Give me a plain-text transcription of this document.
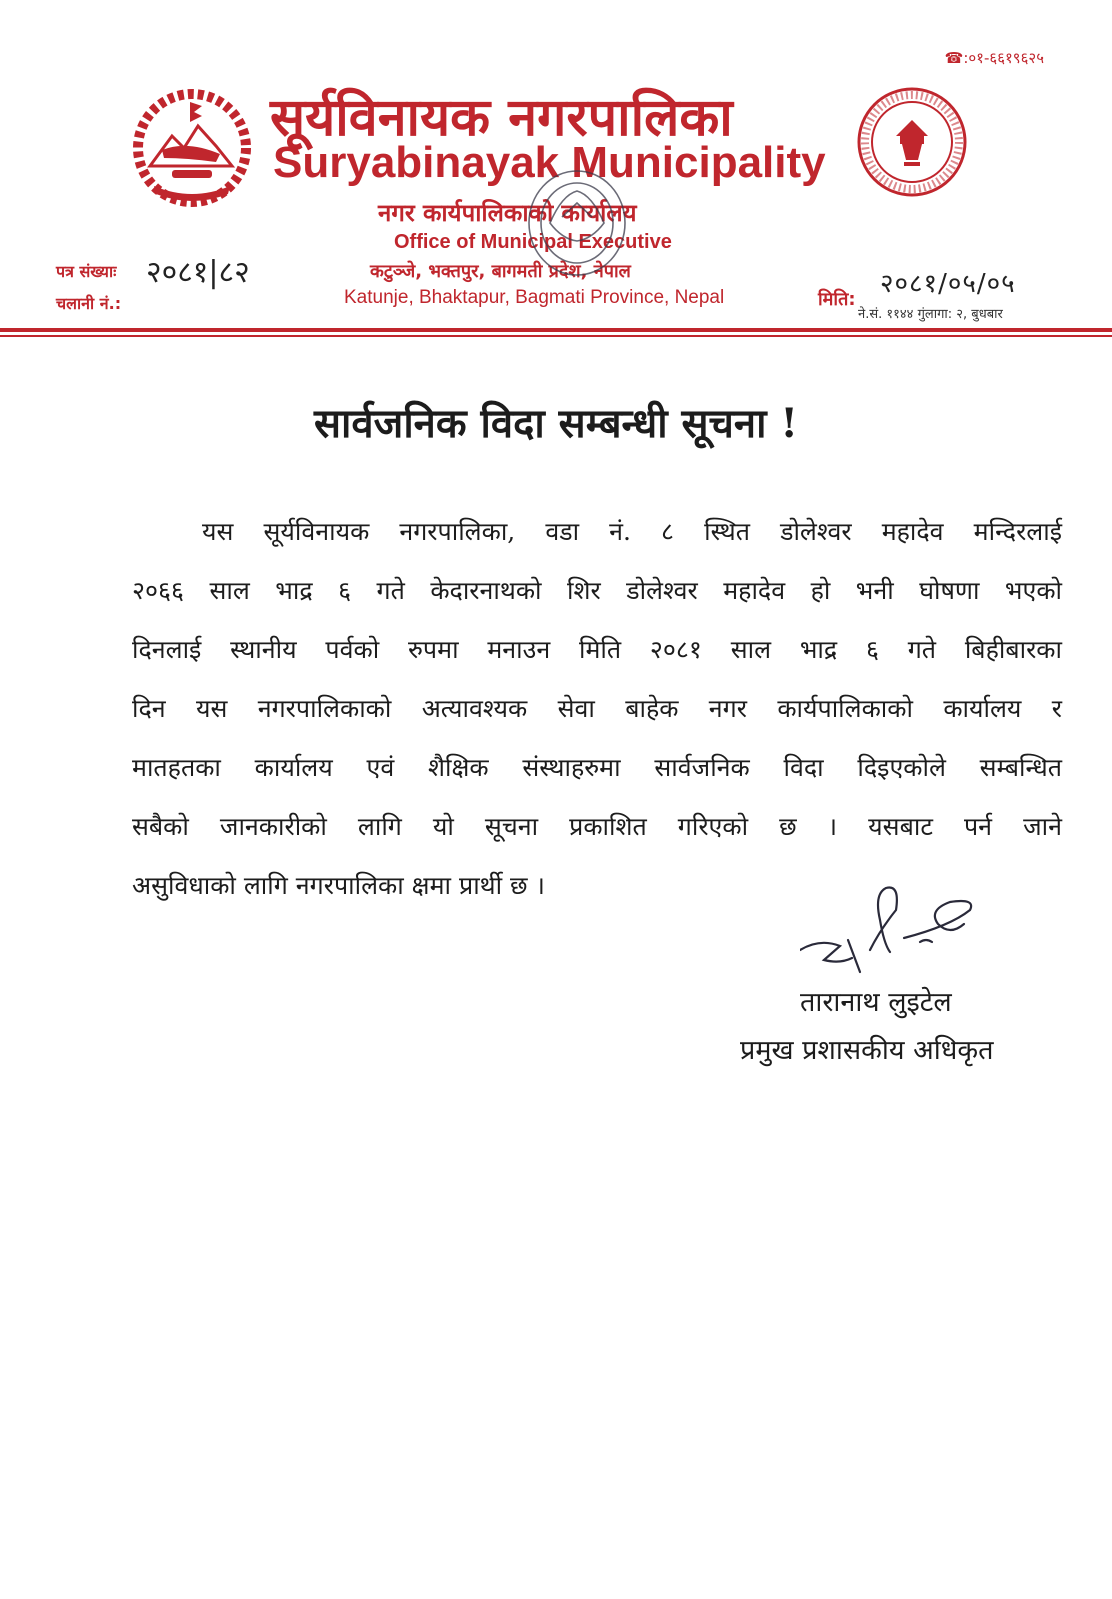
☎:०१-६६१९६२५
सूर्यविनायक नगरपालिका
Suryabinayak Municipality
नगर कार्यपालिकाको कार्यालय
Office of Municipal Executive
कटुञ्जे, भक्तपुर, बागमती प्रदेश, नेपाल
Katunje, Bhaktapur, Bagmati Province, Nepal
पत्र संख्याः २०८१|८२
चलानी नं.:
२०८१/०५/०५
मिति:
ने.सं. ११४४ गुंलागा: २, बुधबार
सार्वजनिक विदा सम्बन्धी सूचना !
यस सूर्यविनायक नगरपालिका, वडा नं. ८ स्थित डोलेश्वर महादेव मन्दिरलाई
२०६६ साल भाद्र ६ गते केदारनाथको शिर डोलेश्वर महादेव हो भनी घोषणा भएको
दिनलाई स्थानीय पर्वको रुपमा मनाउन मिति २०८१ साल भाद्र ६ गते बिहीबारका
दिन यस नगरपालिकाको अत्यावश्यक सेवा बाहेक नगर कार्यपालिकाको कार्यालय र
मातहतका कार्यालय एवं शैक्षिक संस्थाहरुमा सार्वजनिक विदा दिइएकोले सम्बन्धित
सबैको जानकारीको लागि यो सूचना प्रकाशित गरिएको छ । यसबाट पर्न जाने
असुविधाको लागि नगरपालिका क्षमा प्रार्थी छ ।
तारानाथ लुइटेल
प्रमुख प्रशासकीय अधिकृत
